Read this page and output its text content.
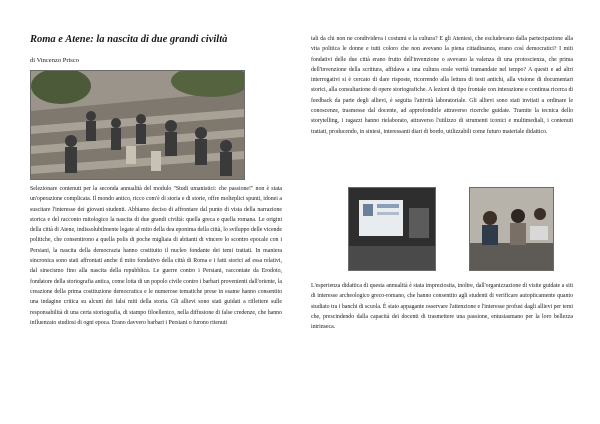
Roma e Atene: la nascita di due grandi civiltà

di Vincenzo Prisco

Selezionare contenuti per la seconda annualità del modulo "Studi umanistici: che passione!" non è stata un'operazione complicata. Il mondo antico, ricco com'è di storia e di storie, offre molteplici spunti, idonei a suscitare l'interesse dei giovani studenti. Abbiamo deciso di affrontare dal punto di vista della narrazione storica e del racconto mitologico la nascita di due grandi civiltà: quella greca e quella romana. Le origini della città di Atene, indissolubilmente legate al mito della dea eponima della città, lo sviluppo delle vicende politiche, che consentirono a quella polis di poche migliaia di abitanti di vincere lo scontro epocale con i Persiani, la nascita della democrazia hanno costituito il nucleo fondante dei temi trattati. In maniera sincronica sono stati affrontati anche il mito fondativo della città di Roma e i fatti storici ad essa relativi, dal sinecismo fino alla nascita della repubblica. Le guerre contro i Persiani, raccontate da Erodoto, fondatore della storiografia antica, come lotta di un popolo civile contro i barbari provenienti dall'oriente, la creazione della prima costituzione democratica e le numerose tematiche prese in esame hanno consentito una indagine critica su alcuni dei falsi miti della storia. Gli allievi sono stati guidati a riflettere sulle responsabilità di una certa storiografia, di stampo filoellenico, nella diffusione di false credenze, che hanno influenzato studiosi di ogni epoca. Erano davvero barbari i Persiani o furono ritenuti

tali da chi non ne condivideva i costumi e la cultura? E gli Ateniesi, che escludevano dalla partecipazione alla vita politica le donne e tutti coloro che non avevano la piena cittadinanza, erano così democratici? I miti fondativi delle due città erano frutto dell'invenzione o avevano la valenza di una protoscienza, che prima dell'invenzione della scrittura, affidava a una cultura orale verità tramandate nel tempo? A questi e ad altri interrogativi si è cercato di dare risposte, ricorrendo alla lettura di testi antichi, alla visione di documentari storici, alla consultazione di opere storiografiche. A lezioni di tipo frontale con interazione e continua ricerca di feedback da parte degli allievi, è seguita l'attività laboratoriale. Gli allievi sono stati invitati a ordinare le conoscenze, trasmesse dal docente, ad approfondirle attraverso ricerche guidate. Tramite la tecnica dello storytelling, i ragazzi hanno rielaborato, attraverso l'utilizzo di strumenti iconici e multimediali, i contenuti trattati, producendo, in sintesi, interessanti diari di bordo, utilizzabili come futuro materiale didattico.

L'esperienza didattica di questa annualità è stata impreziosita, inoltre, dall'organizzazione di visite guidate a siti di interesse archeologico greco-romano, che hanno consentito agli studenti di verificare autopticamente quanto studiato tra i banchi di scuola. È stato appagante osservare l'attenzione e l'interesse profusi dagli allievi per temi che, prescindendo dalla capacità dei docenti di trasmettere una passione, entusiasmano per la loro bellezza intrinseca.
